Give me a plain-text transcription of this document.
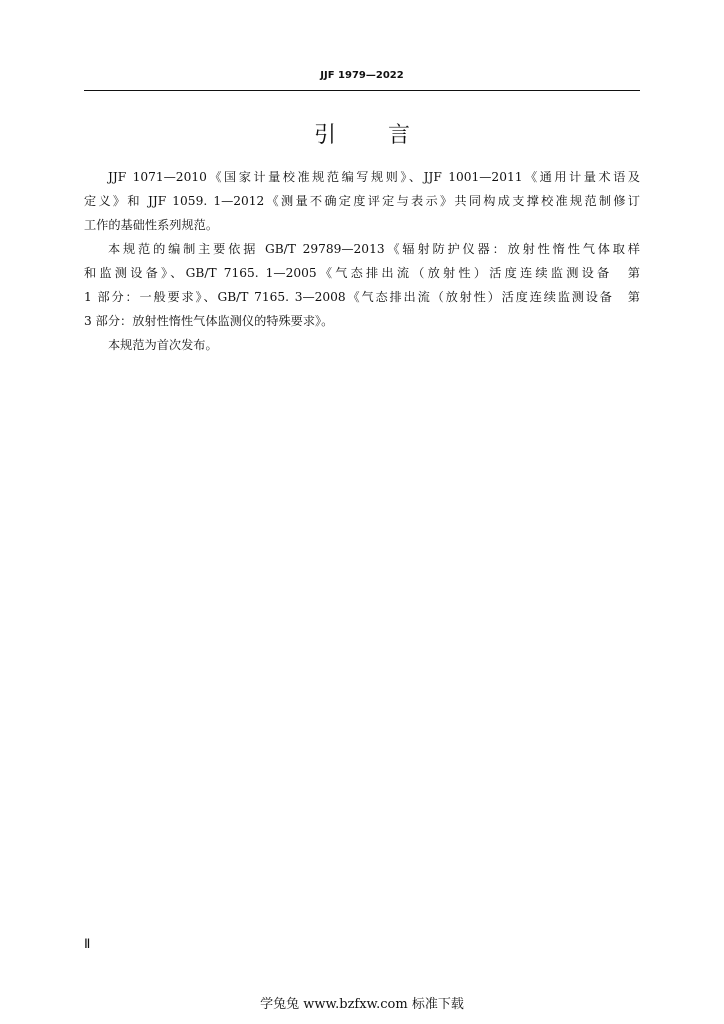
JJF 1979—2022
引言

JJF 1071—2010《国家计量校准规范编写规则》、JJF 1001—2011《通用计量术语及
定义》和 JJF 1059. 1—2012《测量不确定度评定与表示》共同构成支撑校准规范制修订
工作的基础性系列规范。

本规范的编制主要依据 GB/T 29789—2013《辐射防护仪器：放射性惰性气体取样
和监测设备》、GB/T 7165. 1—2005《气态排出流（放射性）活度连续监测设备　第
1 部分：一般要求》、GB/T 7165. 3—2008《气态排出流（放射性）活度连续监测设备　第
3 部分：放射性惰性气体监测仪的特殊要求》。

本规范为首次发布。

Ⅱ
学兔兔 www.bzfxw.com 标准下载
